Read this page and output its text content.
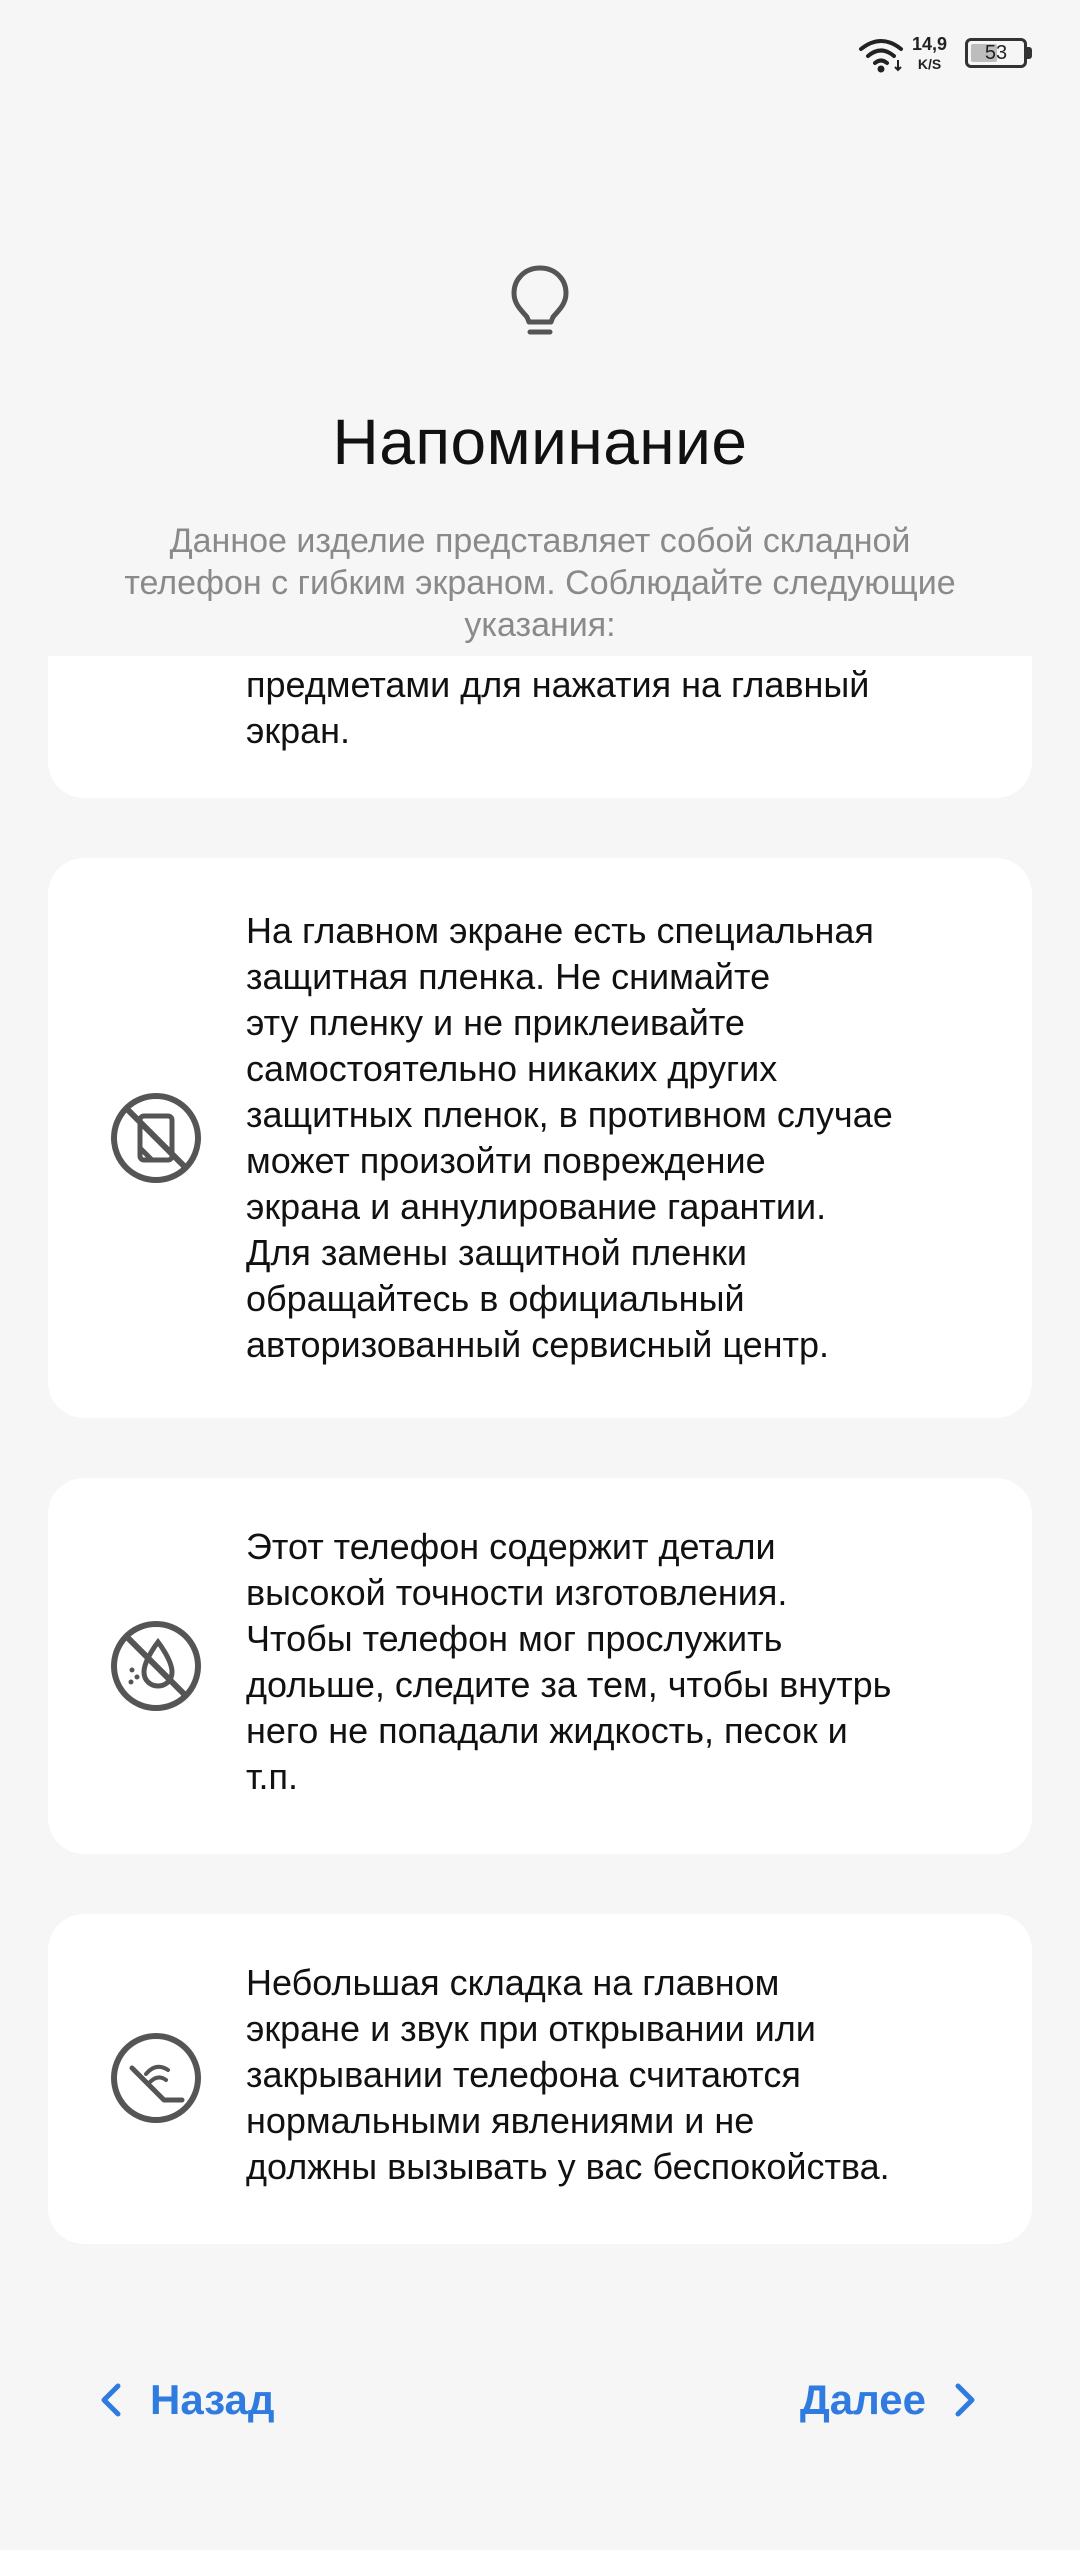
14,9
K/S	53
Напоминание
Данное изделие представляет собой складной телефон с гибким экраном. Соблюдайте следующие указания:
предметами для нажатия на главный
экран.
На главном экране есть специальная
защитная пленка. Не снимайте
эту пленку и не приклеивайте
самостоятельно никаких других
защитных пленок, в противном случае
может произойти повреждение
экрана и аннулирование гарантии.
Для замены защитной пленки
обращайтесь в официальный
авторизованный сервисный центр.
Этот телефон содержит детали
высокой точности изготовления.
Чтобы телефон мог прослужить
дольше, следите за тем, чтобы внутрь
него не попадали жидкость, песок и
т.п.
Небольшая складка на главном
экране и звук при открывании или
закрывании телефона считаются
нормальными явлениями и не
должны вызывать у вас беспокойства.
Назад	Далее
